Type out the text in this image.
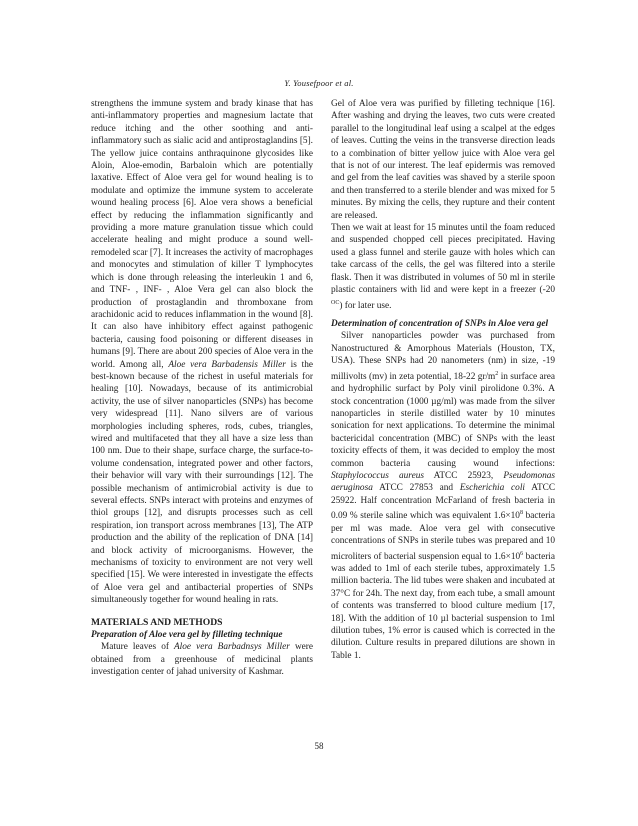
Y. Yousefpoor et al.

strengthens the immune system and brady kinase that has anti-inflammatory properties and magnesium lactate that reduce itching and the other soothing and anti-inflammatory such as sialic acid and antiprostaglandins [5]. The yellow juice contains anthraquinone glycosides like Aloin, Aloe-emodin, Barbaloin which are potentially laxative. Effect of Aloe vera gel for wound healing is to modulate and optimize the immune system to accelerate wound healing process [6]. Aloe vera shows a beneficial effect by reducing the inflammation significantly and providing a more mature granulation tissue which could accelerate healing and might produce a sound well-remodeled scar [7]. It increases the activity of macrophages and monocytes and stimulation of killer T lymphocytes which is done through releasing the interleukin 1 and 6, and TNF- , INF- , Aloe Vera gel can also block the production of prostaglandin and thromboxane from arachidonic acid to reduces inflammation in the wound [8]. It can also have inhibitory effect against pathogenic bacteria, causing food poisoning or different diseases in humans [9]. There are about 200 species of Aloe vera in the world. Among all, Aloe vera Barbadensis Miller is the best-known because of the richest in useful materials for healing [10]. Nowadays, because of its antimicrobial activity, the use of silver nanoparticles (SNPs) has become very widespread [11]. Nano silvers are of various morphologies including spheres, rods, cubes, triangles, wired and multifaceted that they all have a size less than 100 nm. Due to their shape, surface charge, the surface-to-volume condensation, integrated power and other factors, their behavior will vary with their surroundings [12]. The possible mechanism of antimicrobial activity is due to several effects. SNPs interact with proteins and enzymes of thiol groups [12], and disrupts processes such as cell respiration, ion transport across membranes [13], The ATP production and the ability of the replication of DNA [14] and block activity of microorganisms. However, the mechanisms of toxicity to environment are not very well specified [15]. We were interested in investigate the effects of Aloe vera gel and antibacterial properties of SNPs simultaneously together for wound healing in rats.

MATERIALS AND METHODS

Preparation of Aloe vera gel by filleting technique

Mature leaves of Aloe vera Barbadnsys Miller were obtained from a greenhouse of medicinal plants investigation center of jahad university of Kashmar.

Gel of Aloe vera was purified by filleting technique [16]. After washing and drying the leaves, two cuts were created parallel to the longitudinal leaf using a scalpel at the edges of leaves. Cutting the veins in the transverse direction leads to a combination of bitter yellow juice with Aloe vera gel that is not of our interest. The leaf epidermis was removed and gel from the leaf cavities was shaved by a sterile spoon and then transferred to a sterile blender and was mixed for 5 minutes. By mixing the cells, they rupture and their content are released.

Then we wait at least for 15 minutes until the foam reduced and suspended chopped cell pieces precipitated. Having used a glass funnel and sterile gauze with holes which can take carcass of the cells, the gel was filtered into a sterile flask. Then it was distributed in volumes of 50 ml in sterile plastic containers with lid and were kept in a freezer (-20 $^{OC}$) for later use.

Determination of concentration of SNPs in Aloe vera gel

Silver nanoparticles powder was purchased from Nanostructured & Amorphous Materials (Houston, TX, USA). These SNPs had 20 nanometers (nm) in size, -19 millivolts (mv) in zeta potential, 18-22 $gr/m^2$ in surface area and hydrophilic surfact by Poly vinil pirolidone 0.3%. A stock concentration (1000 µg/ml) was made from the silver nanoparticles in sterile distilled water by 10 minutes sonication for next applications. To determine the minimal bactericidal concentration (MBC) of SNPs with the least toxicity effects of them, it was decided to employ the most common bacteria causing wound infections: Staphylococcus aureus ATCC 25923, Pseudomonas aeruginosa ATCC 27853 and Escherichia coli ATCC 25922. Half concentration McFarland of fresh bacteria in 0.09 % sterile saline which was equivalent $1.6\times 10^8$ bacteria per ml was made. Aloe vera gel with consecutive concentrations of SNPs in sterile tubes was prepared and 10 microliters of bacterial suspension equal to $1.6\times 10^6$ bacteria was added to 1ml of each sterile tubes, approximately 1.5 million bacteria. The lid tubes were shaken and incubated at 37°C for 24h. The next day, from each tube, a small amount of contents was transferred to blood culture medium [17, 18]. With the addition of 10 µl bacterial suspension to 1ml dilution tubes, 1% error is caused which is corrected in the dilution. Culture results in prepared dilutions are shown in Table 1.

58
